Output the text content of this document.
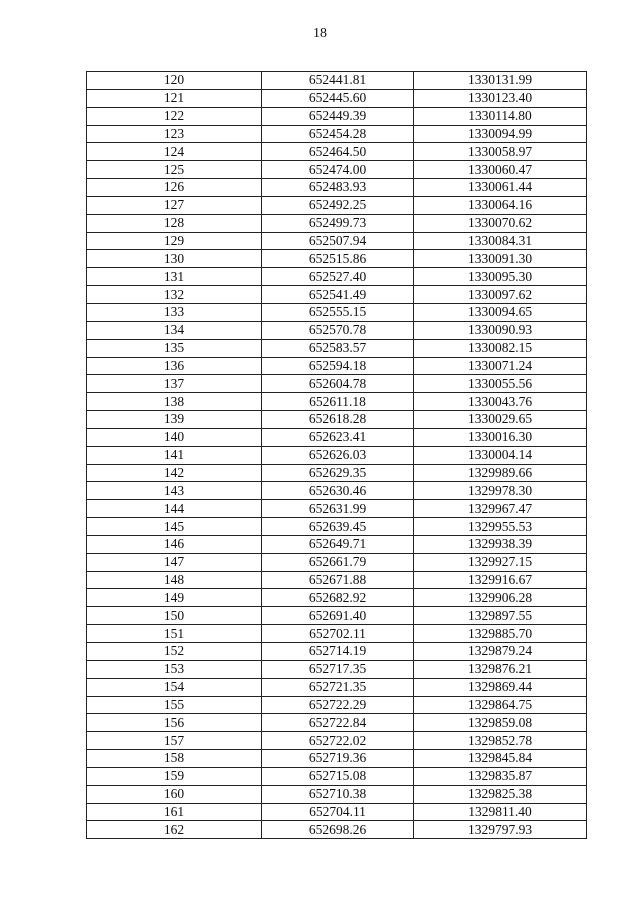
18
120	652441.81	1330131.99
121	652445.60	1330123.40
122	652449.39	1330114.80
123	652454.28	1330094.99
124	652464.50	1330058.97
125	652474.00	1330060.47
126	652483.93	1330061.44
127	652492.25	1330064.16
128	652499.73	1330070.62
129	652507.94	1330084.31
130	652515.86	1330091.30
131	652527.40	1330095.30
132	652541.49	1330097.62
133	652555.15	1330094.65
134	652570.78	1330090.93
135	652583.57	1330082.15
136	652594.18	1330071.24
137	652604.78	1330055.56
138	652611.18	1330043.76
139	652618.28	1330029.65
140	652623.41	1330016.30
141	652626.03	1330004.14
142	652629.35	1329989.66
143	652630.46	1329978.30
144	652631.99	1329967.47
145	652639.45	1329955.53
146	652649.71	1329938.39
147	652661.79	1329927.15
148	652671.88	1329916.67
149	652682.92	1329906.28
150	652691.40	1329897.55
151	652702.11	1329885.70
152	652714.19	1329879.24
153	652717.35	1329876.21
154	652721.35	1329869.44
155	652722.29	1329864.75
156	652722.84	1329859.08
157	652722.02	1329852.78
158	652719.36	1329845.84
159	652715.08	1329835.87
160	652710.38	1329825.38
161	652704.11	1329811.40
162	652698.26	1329797.93
